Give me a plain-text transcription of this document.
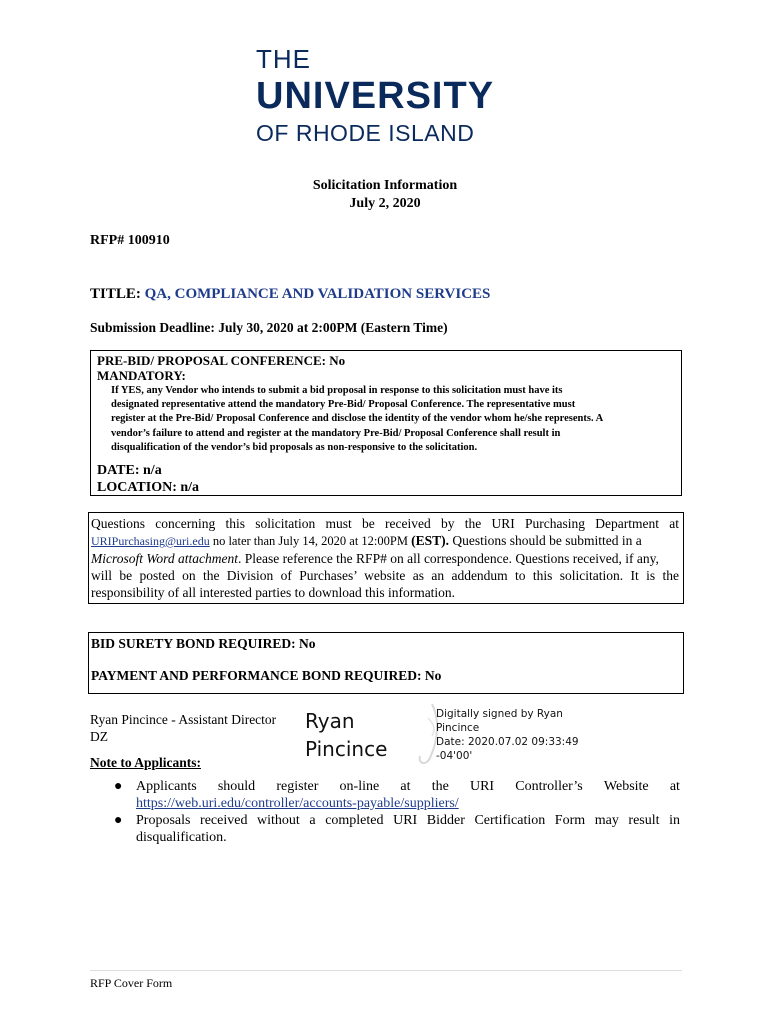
THE
UNIVERSITY
OF RHODE ISLAND
Solicitation Information
July 2, 2020
RFP# 100910
TITLE: QA, COMPLIANCE AND VALIDATION SERVICES
Submission Deadline: July 30, 2020 at 2:00PM (Eastern Time)
PRE-BID/ PROPOSAL CONFERENCE: No
MANDATORY:
If YES, any Vendor who intends to submit a bid proposal in response to this solicitation must have its
designated representative attend the mandatory Pre-Bid/ Proposal Conference. The representative must
register at the Pre-Bid/ Proposal Conference and disclose the identity of the vendor whom he/she represents. A
vendor’s failure to attend and register at the mandatory Pre-Bid/ Proposal Conference shall result in
disqualification of the vendor’s bid proposals as non-responsive to the solicitation.
DATE: n/a
LOCATION: n/a
Questions concerning this solicitation must be received by the URI Purchasing Department at
URIPurchasing@uri.edu no later than July 14, 2020 at 12:00PM (EST). Questions should be submitted in a
Microsoft Word attachment. Please reference the RFP# on all correspondence. Questions received, if any,
will be posted on the Division of Purchases’ website as an addendum to this solicitation. It is the
responsibility of all interested parties to download this information.
BID SURETY BOND REQUIRED: No
PAYMENT AND PERFORMANCE BOND REQUIRED: No
Ryan Pincince - Assistant Director
DZ
Ryan
Pincince
Digitally signed by Ryan
Pincince
Date: 2020.07.02 09:33:49
-04'00'
Note to Applicants:
● Applicants should register on-line at the URI Controller’s Website at
https://web.uri.edu/controller/accounts-payable/suppliers/
● Proposals received without a completed URI Bidder Certification Form may result in
disqualification.
RFP Cover Form
